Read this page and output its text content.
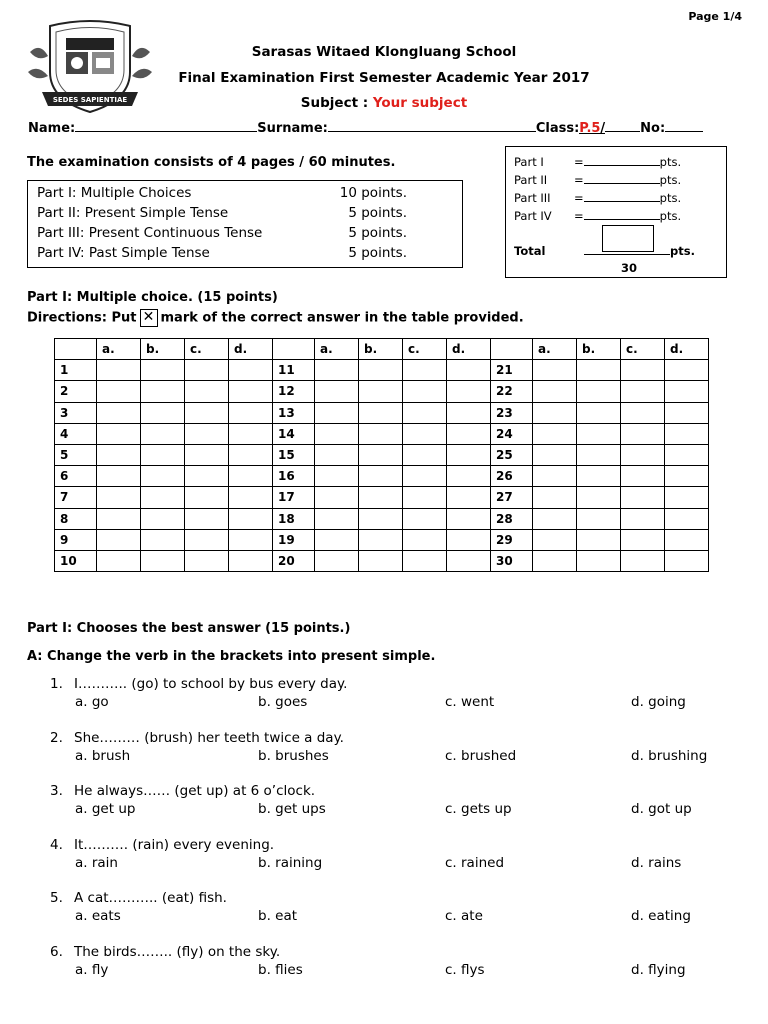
Page 1/4
SEDES SAPIENTIAE
Sarasas Witaed Klongluang School
Final Examination First Semester Academic Year 2017
Subject : Your subject
Name:	Surname:	Class:P.5/	No:
The examination consists of 4 pages / 60 minutes.
Part I: Multiple Choices	10 points.
Part II: Present Simple Tense	5 points.
Part III: Present Continuous Tense	5 points.
Part IV: Past Simple Tense	5 points.
Part I	=	pts.
Part II =	pts.
Part III =	pts.
Part IV =	pts.
Total	pts.
30
Part I: Multiple choice. (15 points)
Directions: Put ✕ mark of the correct answer in the table provided.
	a.	b.	c.	d.		a.	b.	c.	d.		a.	b.	c.	d.
1					11					21				
2					12					22				
3					13					23				
4					14					24				
5					15					25				
6					16					26				
7					17					27				
8					18					28				
9					19					29				
10					20					30				
Part I: Chooses the best answer (15 points.)
A: Change the verb in the brackets into present simple.
1. I……….. (go) to school by bus every day.
a. go	b. goes	c. went	d. going
2. She……… (brush) her teeth twice a day.
a. brush	b. brushes	c. brushed	d. brushing
3. He always…… (get up) at 6 o’clock.
a. get up	b. get ups	c. gets up	d. got up
4. It………. (rain) every evening.
a. rain	b. raining	c. rained	d. rains
5. A cat……….. (eat) fish.
a. eats	b. eat	c. ate	d. eating
6. The birds…….. (fly) on the sky.
a. fly	b. flies	c. flys	d. flying
